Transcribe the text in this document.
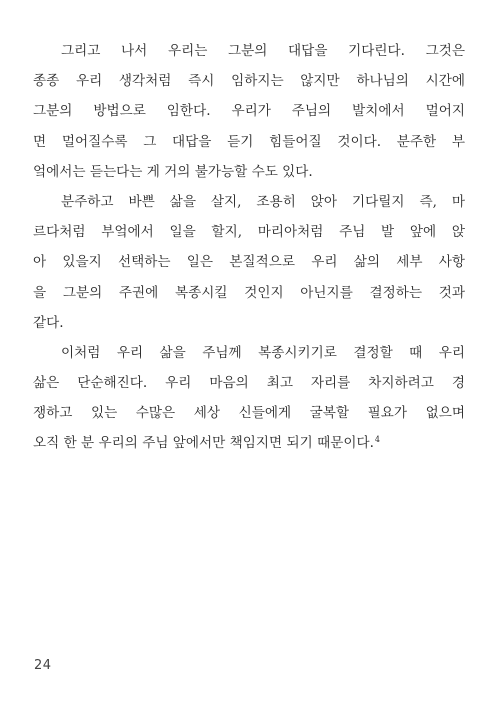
그리고 나서 우리는 그분의 대답을 기다린다. 그것은
종종 우리 생각처럼 즉시 임하지는 않지만 하나님의 시간에
그분의 방법으로 임한다. 우리가 주님의 발치에서 멀어지
면 멀어질수록 그 대답을 듣기 힘들어질 것이다. 분주한 부
엌에서는 듣는다는 게 거의 불가능할 수도 있다.
분주하고 바쁜 삶을 살지, 조용히 앉아 기다릴지 즉, 마
르다처럼 부엌에서 일을 할지, 마리아처럼 주님 발 앞에 앉
아 있을지 선택하는 일은 본질적으로 우리 삶의 세부 사항
을 그분의 주권에 복종시킬 것인지 아닌지를 결정하는 것과
같다.
이처럼 우리 삶을 주님께 복종시키기로 결정할 때 우리
삶은 단순해진다. 우리 마음의 최고 자리를 차지하려고 경
쟁하고 있는 수많은 세상 신들에게 굴복할 필요가 없으며
오직 한 분 우리의 주님 앞에서만 책임지면 되기 때문이다.$^4$
24
